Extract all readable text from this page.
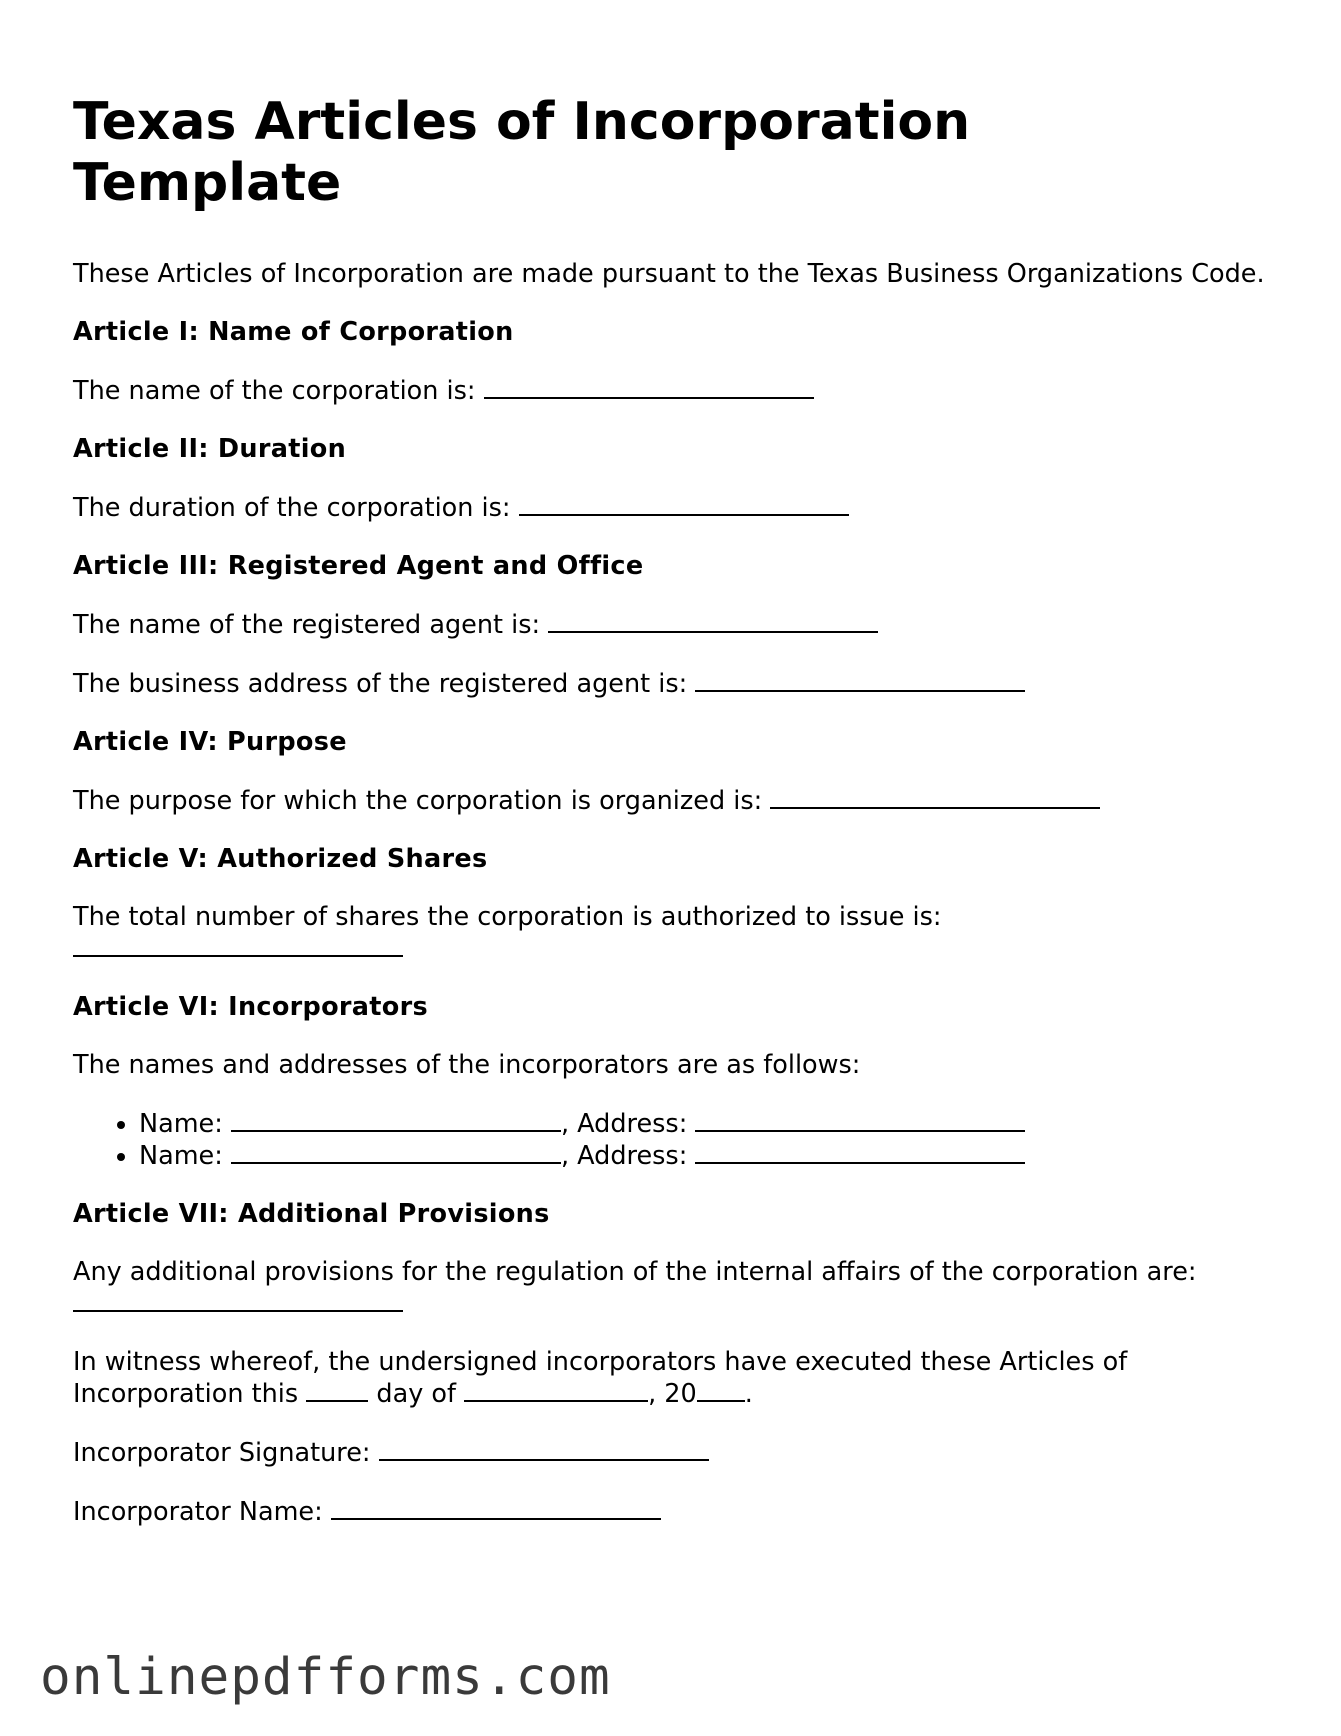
Texas Articles of Incorporation Template

These Articles of Incorporation are made pursuant to the Texas Business Organizations Code.

Article I: Name of Corporation

The name of the corporation is:

Article II: Duration

The duration of the corporation is:

Article III: Registered Agent and Office

The name of the registered agent is:

The business address of the registered agent is:

Article IV: Purpose

The purpose for which the corporation is organized is:

Article V: Authorized Shares

The total number of shares the corporation is authorized to issue is:

Article VI: Incorporators

The names and addresses of the incorporators are as follows:

• Name:	, Address:
• Name:	, Address:
Article VII: Additional Provisions

Any additional provisions for the regulation of the internal affairs of the corporation are:

In witness whereof, the undersigned incorporators have executed these Articles of Incorporation this	day of	, 20 .

Incorporator Signature:

Incorporator Name:

onlinepdfforms.com
